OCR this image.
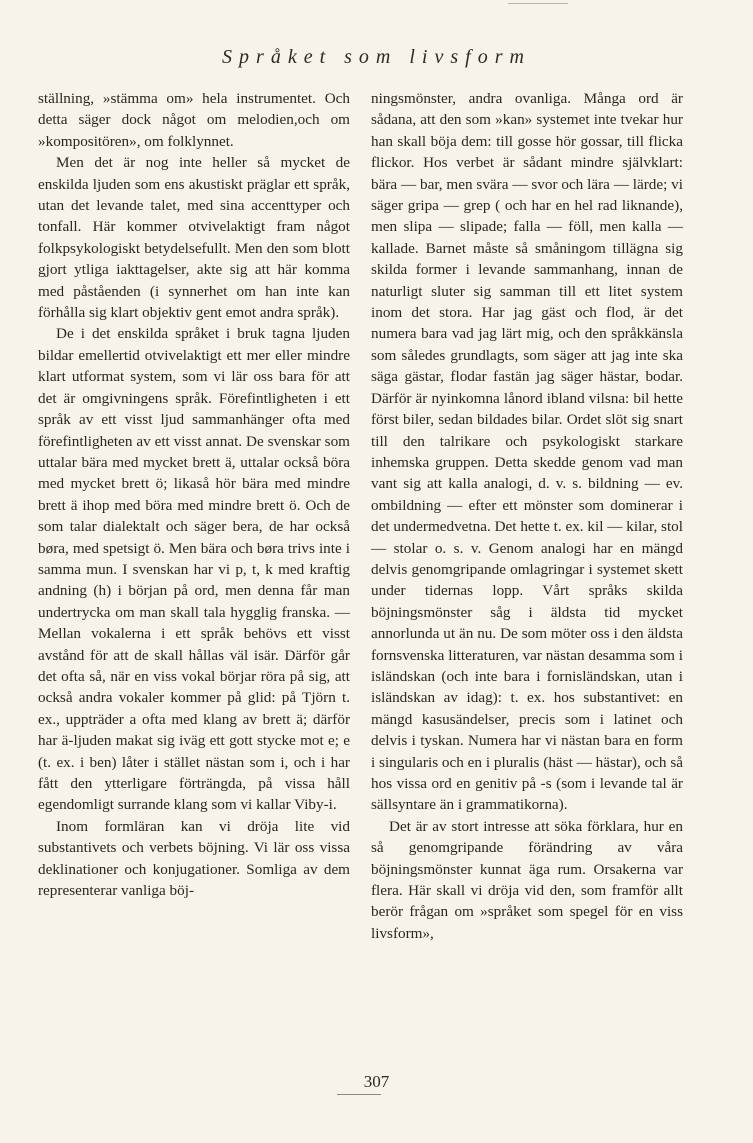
Språket som livsform

ställning, »stämma om» hela instrumentet. Och detta säger dock något om melodien,och om »kompositören», om folklynnet.

Men det är nog inte heller så mycket de enskilda ljuden som ens akustiskt präglar ett språk, utan det levande talet, med sina accenttyper och tonfall. Här kommer otvivelaktigt fram något folkpsykologiskt betydelsefullt. Men den som blott gjort ytliga iakttagelser, akte sig att här komma med påståenden (i synnerhet om han inte kan förhålla sig klart objektiv gent emot andra språk).

De i det enskilda språket i bruk tagna ljuden bildar emellertid otvivelaktigt ett mer eller mindre klart utformat system, som vi lär oss bara för att det är omgivningens språk. Förefintligheten i ett språk av ett visst ljud sammanhänger ofta med förefintligheten av ett visst annat. De svenskar som uttalar bära med mycket brett ä, uttalar också böra med mycket brett ö; likaså hör bära med mindre brett ä ihop med böra med mindre brett ö. Och de som talar dialektalt och säger bera, de har också børa, med spetsigt ö. Men bära och børa trivs inte i samma mun. I svenskan har vi p, t, k med kraftig andning (h) i början på ord, men denna får man undertrycka om man skall tala hygglig franska. — Mellan vokalerna i ett språk behövs ett visst avstånd för att de skall hållas väl isär. Därför går det ofta så, när en viss vokal börjar röra på sig, att också andra vokaler kommer på glid: på Tjörn t. ex., uppträder a ofta med klang av brett ä; därför har ä-ljuden makat sig iväg ett gott stycke mot e; e (t. ex. i ben) låter i stället nästan som i, och i har fått den ytterligare förträngda, på vissa håll egendomligt surrande klang som vi kallar Viby-i.

Inom formläran kan vi dröja lite vid substantivets och verbets böjning. Vi lär oss vissa deklinationer och konjugationer. Somliga av dem representerar vanliga böj-

ningsmönster, andra ovanliga. Många ord är sådana, att den som »kan» systemet inte tvekar hur han skall böja dem: till gosse hör gossar, till flicka flickor. Hos verbet är sådant mindre självklart: bära — bar, men svära — svor och lära — lärde; vi säger gripa — grep ( och har en hel rad liknande), men slipa — slipade; falla — föll, men kalla — kallade. Barnet måste så småningom tillägna sig skilda former i levande sammanhang, innan de naturligt sluter sig samman till ett litet system inom det stora. Har jag gäst och flod, är det numera bara vad jag lärt mig, och den språkkänsla som således grundlagts, som säger att jag inte ska säga gästar, flodar fastän jag säger hästar, bodar. Därför är nyinkomna lånord ibland vilsna: bil hette först biler, sedan bildades bilar. Ordet slöt sig snart till den talrikare och psykologiskt starkare inhemska gruppen. Detta skedde genom vad man vant sig att kalla analogi, d. v. s. bildning — ev. ombildning — efter ett mönster som dominerar i det undermedvetna. Det hette t. ex. kil — kilar, stol — stolar o. s. v. Genom analogi har en mängd delvis genomgripande omlagringar i systemet skett under tidernas lopp. Vårt språks skilda böjningsmönster såg i äldsta tid mycket annorlunda ut än nu. De som möter oss i den äldsta fornsvenska litteraturen, var nästan desamma som i isländskan (och inte bara i fornisländskan, utan i isländskan av idag): t. ex. hos substantivet: en mängd kasusändelser, precis som i latinet och delvis i tyskan. Numera har vi nästan bara en form i singularis och en i pluralis (häst — hästar), och så hos vissa ord en genitiv på -s (som i levande tal är sällsyntare än i grammatikorna).

Det är av stort intresse att söka förklara, hur en så genomgripande förändring av våra böjningsmönster kunnat äga rum. Orsakerna var flera. Här skall vi dröja vid den, som framför allt berör frågan om »språket som spegel för en viss livsform»,

307
